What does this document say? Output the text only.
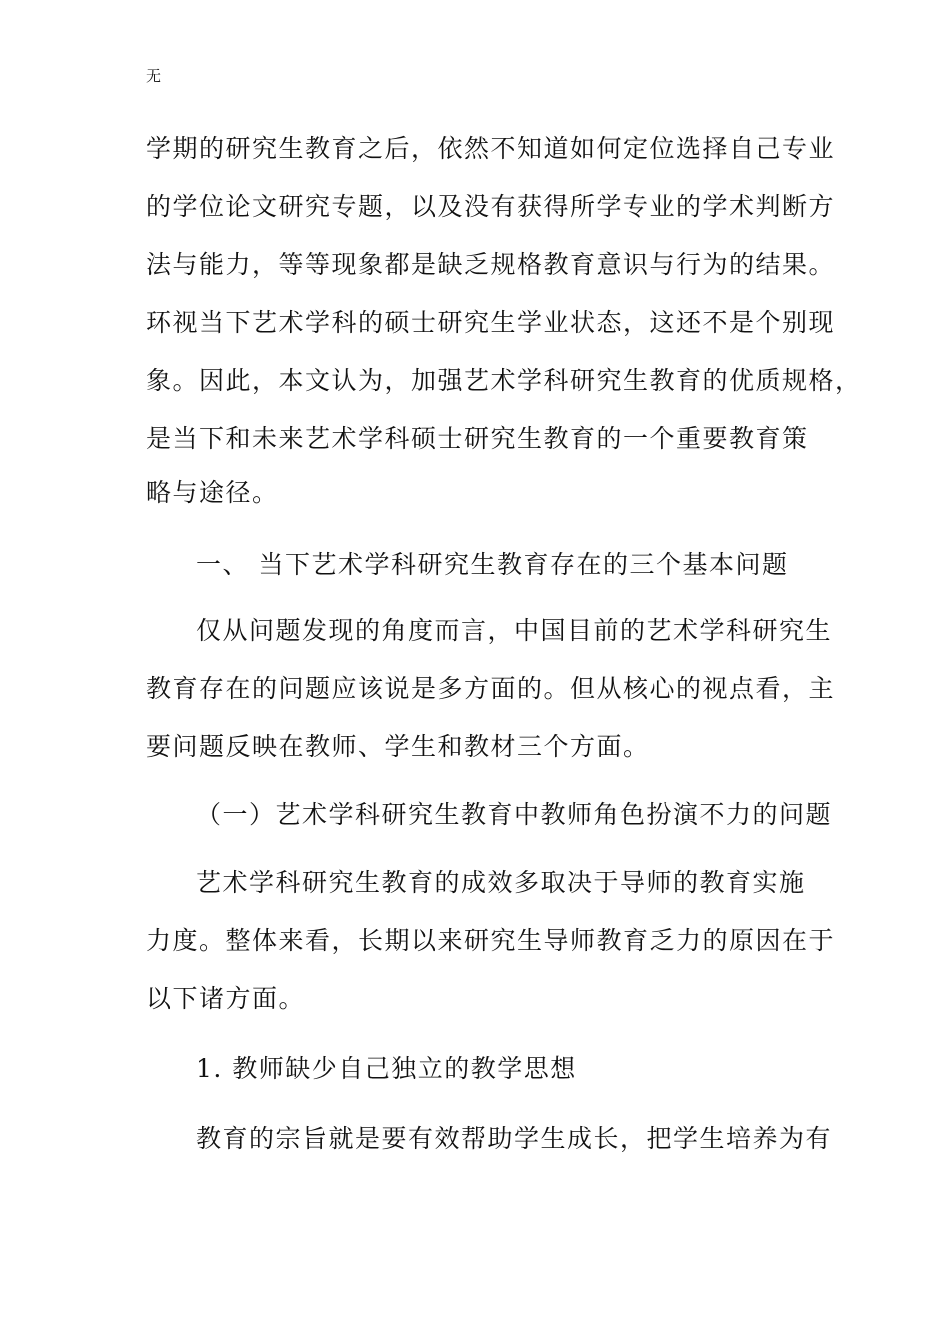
无
学期的研究生教育之后，依然不知道如何定位选择自己专业
的学位论文研究专题，以及没有获得所学专业的学术判断方
法与能力，等等现象都是缺乏规格教育意识与行为的结果。
环视当下艺术学科的硕士研究生学业状态，这还不是个别现
象。因此，本文认为，加强艺术学科研究生教育的优质规格，
是当下和未来艺术学科硕士研究生教育的一个重要教育策
略与途径。
一、 当下艺术学科研究生教育存在的三个基本问题
仅从问题发现的角度而言，中国目前的艺术学科研究生
教育存在的问题应该说是多方面的。但从核心的视点看，主
要问题反映在教师、学生和教材三个方面。
（一）艺术学科研究生教育中教师角色扮演不力的问题
艺术学科研究生教育的成效多取决于导师的教育实施
力度。整体来看，长期以来研究生导师教育乏力的原因在于
以下诸方面。
1. 教师缺少自己独立的教学思想
教育的宗旨就是要有效帮助学生成长，把学生培养为有
